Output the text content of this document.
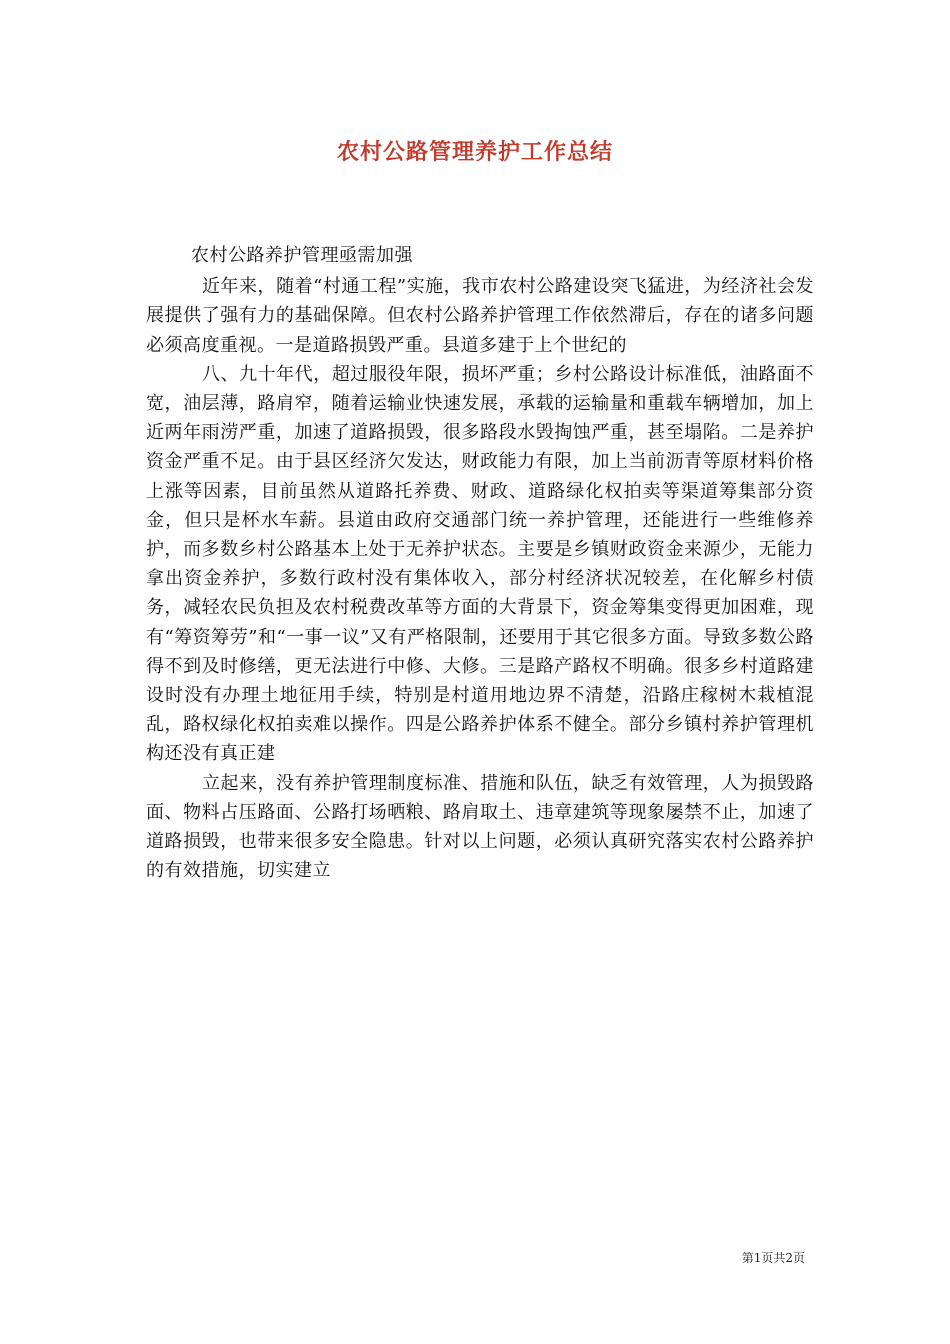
农村公路管理养护工作总结

农村公路养护管理亟需加强

近年来，随着“村通工程”实施，我市农村公路建设突飞猛进，为经济社会发展提供了强有力的基础保障。但农村公路养护管理工作依然滞后，存在的诸多问题必须高度重视。一是道路损毁严重。县道多建于上个世纪的

八、九十年代，超过服役年限，损坏严重；乡村公路设计标准低，油路面不宽，油层薄，路肩窄，随着运输业快速发展，承载的运输量和重载车辆增加，加上近两年雨涝严重，加速了道路损毁，很多路段水毁掏蚀严重，甚至塌陷。二是养护资金严重不足。由于县区经济欠发达，财政能力有限，加上当前沥青等原材料价格上涨等因素，目前虽然从道路托养费、财政、道路绿化权拍卖等渠道筹集部分资金，但只是杯水车薪。县道由政府交通部门统一养护管理，还能进行一些维修养护，而多数乡村公路基本上处于无养护状态。主要是乡镇财政资金来源少，无能力拿出资金养护，多数行政村没有集体收入，部分村经济状况较差，在化解乡村债务，减轻农民负担及农村税费改革等方面的大背景下，资金筹集变得更加困难，现有“筹资筹劳”和“一事一议”又有严格限制，还要用于其它很多方面。导致多数公路得不到及时修缮，更无法进行中修、大修。三是路产路权不明确。很多乡村道路建设时没有办理土地征用手续，特别是村道用地边界不清楚，沿路庄稼树木栽植混乱，路权绿化权拍卖难以操作。四是公路养护体系不健全。部分乡镇村养护管理机构还没有真正建

立起来，没有养护管理制度标准、措施和队伍，缺乏有效管理，人为损毁路面、物料占压路面、公路打场晒粮、路肩取土、违章建筑等现象屡禁不止，加速了道路损毁，也带来很多安全隐患。针对以上问题，必须认真研究落实农村公路养护的有效措施，切实建立

第1页共2页
